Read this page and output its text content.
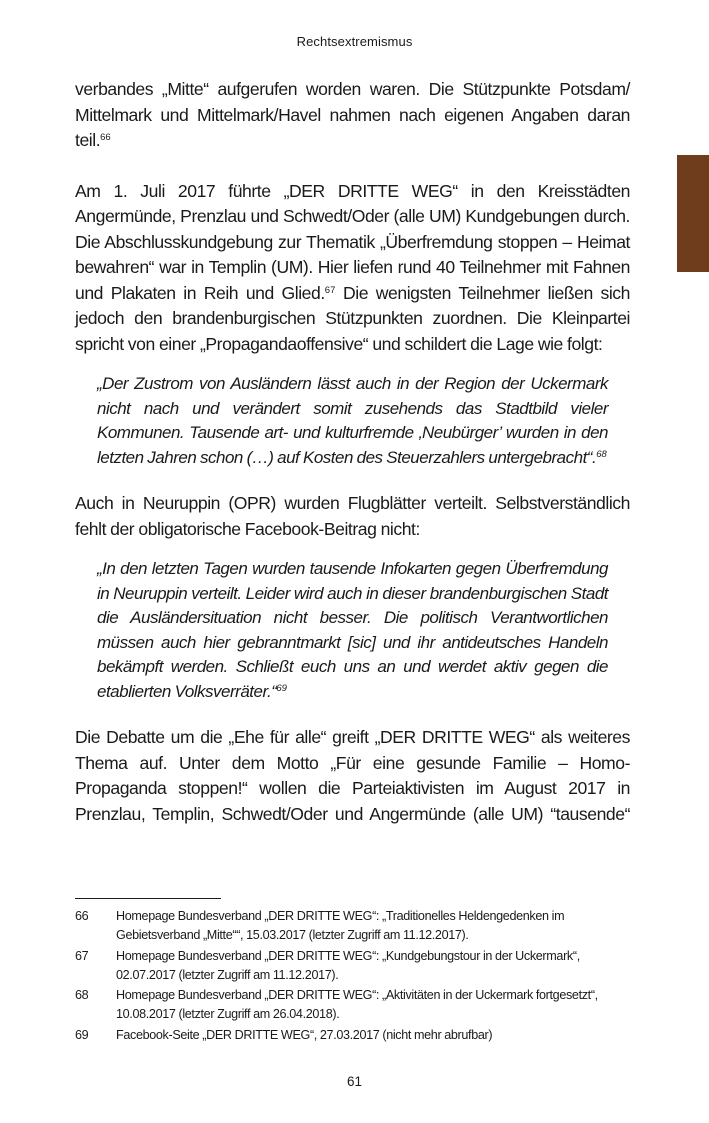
Rechtsextremismus

verbandes „Mitte“ aufgerufen worden waren. Die Stützpunkte Potsdam/ Mittelmark und Mittelmark/Havel nahmen nach eigenen Angaben daran teil.$^{66}$

Am 1. Juli 2017 führte „DER DRITTE WEG“ in den Kreisstädten Angermünde, Prenzlau und Schwedt/Oder (alle UM) Kundgebungen durch. Die Abschlusskundgebung zur Thematik „Überfremdung stoppen – Heimat bewahren“ war in Templin (UM). Hier liefen rund 40 Teilnehmer mit Fahnen und Plakaten in Reih und Glied.$^{67}$ Die wenigsten Teilnehmer ließen sich jedoch den brandenburgischen Stützpunkten zuordnen. Die Kleinpartei spricht von einer „Propagandaoffensive“ und schildert die Lage wie folgt:

„Der Zustrom von Ausländern lässt auch in der Region der Uckermark nicht nach und verändert somit zusehends das Stadtbild vieler Kommunen. Tausende art- und kulturfremde ‚Neubürger’ wurden in den letzten Jahren schon (…) auf Kosten des Steuerzahlers untergebracht“.$^{68}$

Auch in Neuruppin (OPR) wurden Flugblätter verteilt. Selbstverständlich fehlt der obligatorische Facebook-Beitrag nicht:

„In den letzten Tagen wurden tausende Infokarten gegen Überfremdung in Neuruppin verteilt. Leider wird auch in dieser brandenburgischen Stadt die Ausländersituation nicht besser. Die politisch Verantwortlichen müssen auch hier gebranntmarkt [sic] und ihr antideutsches Handeln bekämpft werden. Schließt euch uns an und werdet aktiv gegen die etablierten Volksverräter.“$^{69}$

Die Debatte um die „Ehe für alle“ greift „DER DRITTE WEG“ als weiteres Thema auf. Unter dem Motto „Für eine gesunde Familie – Homo-Propaganda stoppen!“ wollen die Parteiaktivisten im August 2017 in Prenzlau, Templin, Schwedt/Oder und Angermünde (alle UM) “tausende“

66	Homepage Bundesverband „DER DRITTE WEG“: „Traditionelles Heldengedenken im Gebietsverband „Mitte““, 15.03.2017 (letzter Zugriff am 11.12.2017).
67	Homepage Bundesverband „DER DRITTE WEG“: „Kundgebungstour in der Uckermark“, 02.07.2017 (letzter Zugriff am 11.12.2017).
68	Homepage Bundesverband „DER DRITTE WEG“: „Aktivitäten in der Uckermark fortgesetzt“, 10.08.2017 (letzter Zugriff am 26.04.2018).
69	Facebook-Seite „DER DRITTE WEG“, 27.03.2017 (nicht mehr abrufbar)
61
